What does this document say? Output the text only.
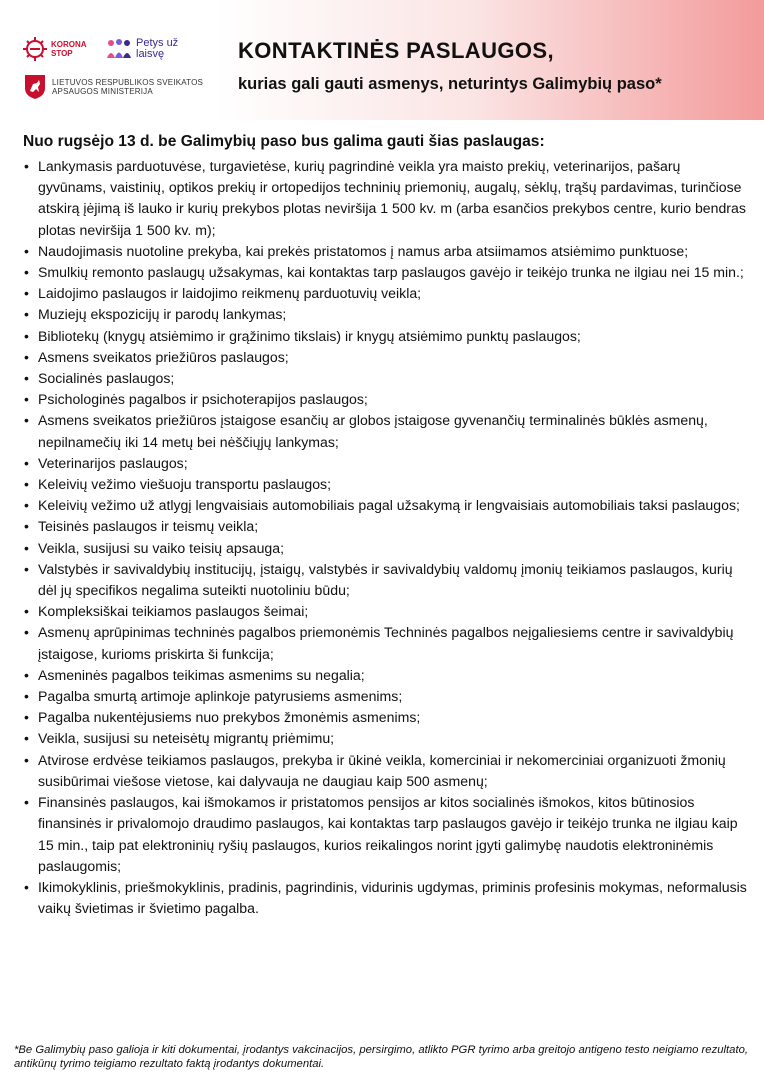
KORONA STOP
Petys už laisvę
LIETUVOS RESPUBLIKOS SVEIKATOS APSAUGOS MINISTERIJA
KONTAKTINĖS PASLAUGOS,
kurias gali gauti asmenys, neturintys Galimybių paso*

Nuo rugsėjo 13 d. be Galimybių paso bus galima gauti šias paslaugas:

• Lankymasis parduotuvėse, turgavietėse, kurių pagrindinė veikla yra maisto prekių, veterinarijos, pašarų gyvūnams, vaistinių, optikos prekių ir ortopedijos techninių priemonių, augalų, sėklų, trąšų pardavimas, turinčiose atskirą įėjimą iš lauko ir kurių prekybos plotas neviršija 1 500 kv. m (arba esančios prekybos centre, kurio bendras plotas neviršija 1 500 kv. m);
• Naudojimasis nuotoline prekyba, kai prekės pristatomos į namus arba atsiimamos atsiėmimo punktuose;
• Smulkių remonto paslaugų užsakymas, kai kontaktas tarp paslaugos gavėjo ir teikėjo trunka ne ilgiau nei 15 min.;
• Laidojimo paslaugos ir laidojimo reikmenų parduotuvių veikla;
• Muziejų ekspozicijų ir parodų lankymas;
• Bibliotekų (knygų atsiėmimo ir grąžinimo tikslais) ir knygų atsiėmimo punktų paslaugos;
• Asmens sveikatos priežiūros paslaugos;
• Socialinės paslaugos;
• Psichologinės pagalbos ir psichoterapijos paslaugos;
• Asmens sveikatos priežiūros įstaigose esančių ar globos įstaigose gyvenančių terminalinės būklės asmenų, nepilnamečių iki 14 metų bei nėščiųjų lankymas;
• Veterinarijos paslaugos;
• Keleivių vežimo viešuoju transportu paslaugos;
• Keleivių vežimo už atlygį lengvaisiais automobiliais pagal užsakymą ir lengvaisiais automobiliais taksi paslaugos;
• Teisinės paslaugos ir teismų veikla;
• Veikla, susijusi su vaiko teisių apsauga;
• Valstybės ir savivaldybių institucijų, įstaigų, valstybės ir savivaldybių valdomų įmonių teikiamos paslaugos, kurių dėl jų specifikos negalima suteikti nuotoliniu būdu;
• Kompleksiškai teikiamos paslaugos šeimai;
• Asmenų aprūpinimas techninės pagalbos priemonėmis Techninės pagalbos neįgaliesiems centre ir savivaldybių įstaigose, kurioms priskirta ši funkcija;
• Asmeninės pagalbos teikimas asmenims su negalia;
• Pagalba smurtą artimoje aplinkoje patyrusiems asmenims;
• Pagalba nukentėjusiems nuo prekybos žmonėmis asmenims;
• Veikla, susijusi su neteisėtų migrantų priėmimu;
• Atvirose erdvėse teikiamos paslaugos, prekyba ir ūkinė veikla, komerciniai ir nekomerciniai organizuoti žmonių susibūrimai viešose vietose, kai dalyvauja ne daugiau kaip 500 asmenų;
• Finansinės paslaugos, kai išmokamos ir pristatomos pensijos ar kitos socialinės išmokos, kitos būtinosios finansinės ir privalomojo draudimo paslaugos, kai kontaktas tarp paslaugos gavėjo ir teikėjo trunka ne ilgiau kaip 15 min., taip pat elektroninių ryšių paslaugos, kurios reikalingos norint įgyti galimybę naudotis elektroninėmis paslaugomis;
• Ikimokyklinis, priešmokyklinis, pradinis, pagrindinis, vidurinis ugdymas, priminis profesinis mokymas, neformalusis vaikų švietimas ir švietimo pagalba.
*Be Galimybių paso galioja ir kiti dokumentai, įrodantys vakcinacijos, persirgimo, atlikto PGR tyrimo arba greitojo antigeno testo neigiamo rezultato, antikūnų tyrimo teigiamo rezultato faktą įrodantys dokumentai.
